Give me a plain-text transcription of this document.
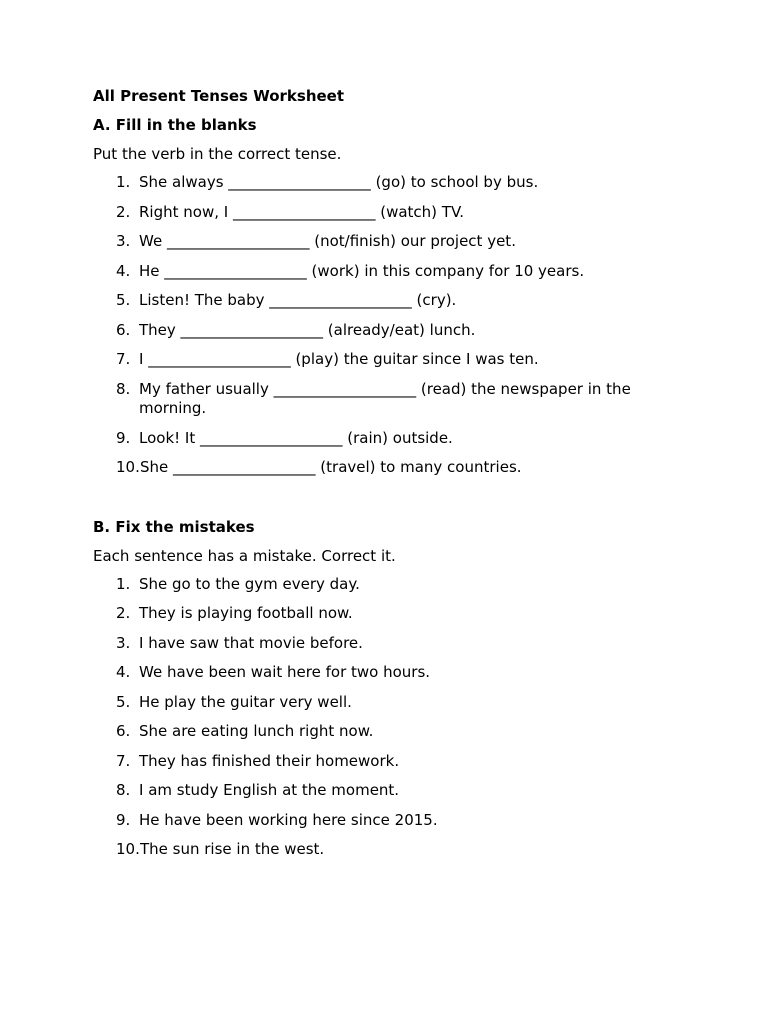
All Present Tenses Worksheet
A. Fill in the blanks
Put the verb in the correct tense.
1. She always ___________________ (go) to school by bus.
2. Right now, I ___________________ (watch) TV.
3. We ___________________ (not/finish) our project yet.
4. He ___________________ (work) in this company for 10 years.
5. Listen! The baby ___________________ (cry).
6. They ___________________ (already/eat) lunch.
7. I ___________________ (play) the guitar since I was ten.
8. My father usually ___________________ (read) the newspaper in the morning.
9. Look! It ___________________ (rain) outside.
10. She ___________________ (travel) to many countries.
B. Fix the mistakes
Each sentence has a mistake. Correct it.
1. She go to the gym every day.
2. They is playing football now.
3. I have saw that movie before.
4. We have been wait here for two hours.
5. He play the guitar very well.
6. She are eating lunch right now.
7. They has finished their homework.
8. I am study English at the moment.
9. He have been working here since 2015.
10. The sun rise in the west.
